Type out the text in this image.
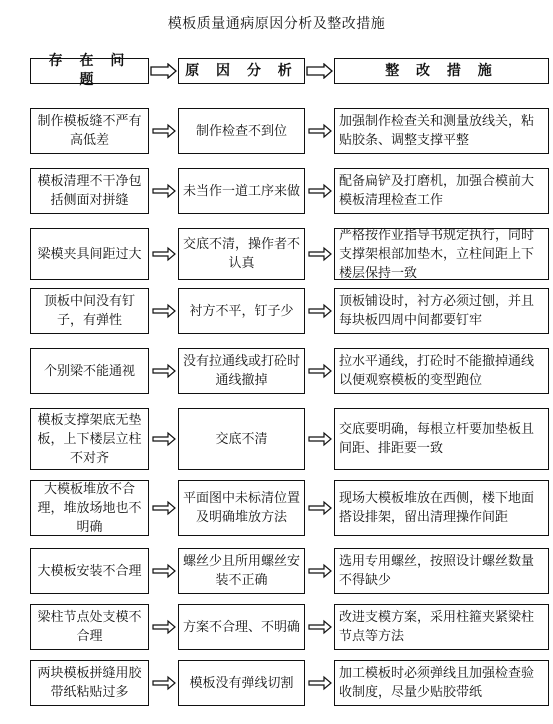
模板质量通病原因分析及整改措施
存 在 问 题
原 因 分 析	整 改 措 施
制作模板缝不严有高低差
制作检查不到位
加强制作检查关和测量放线关，粘贴胶条、调整支撑平整
模板清理不干净包括侧面对拼缝
未当作一道工序来做
配备扁铲及打磨机，加强合模前大模板清理检查工作
梁模夹具间距过大
交底不清，操作者不认真
严格按作业指导书规定执行，同时支撑架根部加垫木，立柱间距上下楼层保持一致
顶板中间没有钉子，有弹性
衬方不平，钉子少
顶板铺设时，衬方必须过刨，并且每块板四周中间都要钉牢
个别梁不能通视
没有拉通线或打砼时通线撤掉
拉水平通线，打砼时不能撤掉通线以便观察模板的变型跑位
模板支撑架底无垫板，上下楼层立柱不对齐
交底不清
交底要明确，每根立杆要加垫板且间距、排距要一致
大模板堆放不合理，堆放场地也不明确
平面图中未标清位置及明确堆放方法
现场大模板堆放在西侧，楼下地面搭设排架，留出清理操作间距
大模板安装不合理
螺丝少且所用螺丝安装不正确
选用专用螺丝，按照设计螺丝数量不得缺少
梁柱节点处支模不合理
方案不合理、不明确
改进支模方案，采用柱箍夹紧梁柱节点等方法
两块模板拼缝用胶带纸粘贴过多
模板没有弹线切割
加工模板时必须弹线且加强检查验收制度，尽量少贴胶带纸
